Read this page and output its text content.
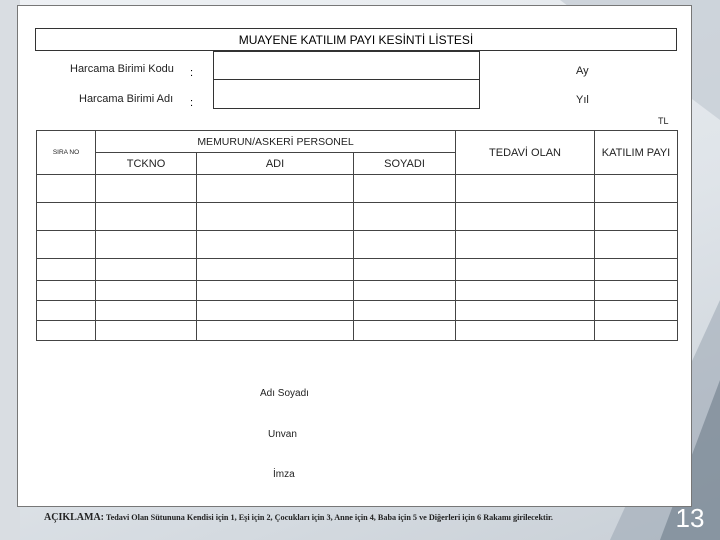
MUAYENE KATILIM PAYI KESİNTİ LİSTESİ
Harcama Birimi Kodu :
Harcama Birimi Adı :
Ay
Yıl
TL
SIRA NO	MEMURUN/ASKERİ PERSONEL			TEDAVİ OLAN	KATILIM PAYI
	TCKNO	ADI	SOYADI		

Adı Soyadı
Unvan
İmza
AÇIKLAMA: Tedavi Olan Sütununa Kendisi için 1, Eşi için 2, Çocukları için 3, Anne için 4, Baba için 5 ve Diğerleri için 6 Rakamı girilecektir.	13
